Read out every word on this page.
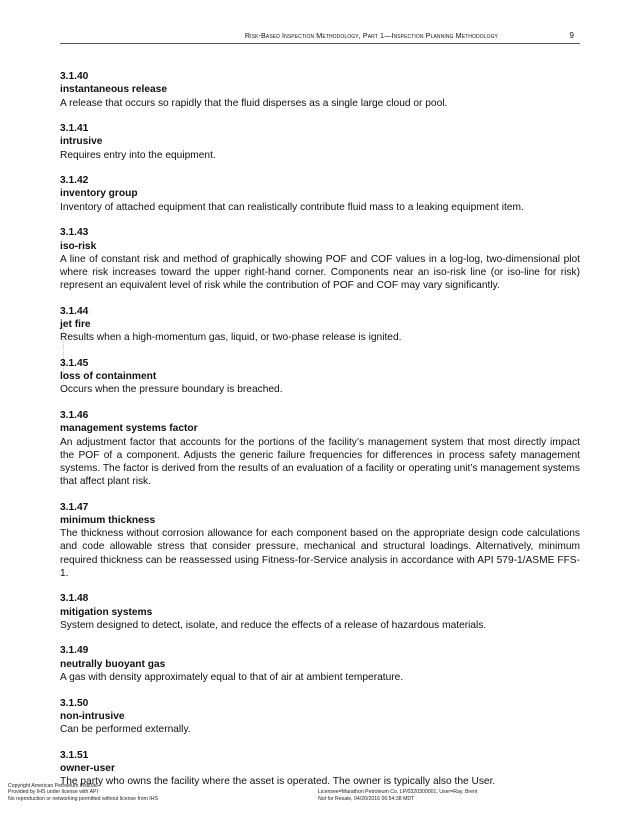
Risk-Based Inspection Methodology, Part 1—Inspection Planning Methodology	9
3.1.40
instantaneous release
A release that occurs so rapidly that the fluid disperses as a single large cloud or pool.
3.1.41
intrusive
Requires entry into the equipment.
3.1.42
inventory group
Inventory of attached equipment that can realistically contribute fluid mass to a leaking equipment item.
3.1.43
iso-risk
A line of constant risk and method of graphically showing POF and COF values in a log-log, two-dimensional plot where risk increases toward the upper right-hand corner. Components near an iso-risk line (or iso-line for risk) represent an equivalent level of risk while the contribution of POF and COF may vary significantly.
3.1.44
jet fire
Results when a high-momentum gas, liquid, or two-phase release is ignited.
3.1.45
loss of containment
Occurs when the pressure boundary is breached.
3.1.46
management systems factor
An adjustment factor that accounts for the portions of the facility’s management system that most directly impact the POF of a component. Adjusts the generic failure frequencies for differences in process safety management systems. The factor is derived from the results of an evaluation of a facility or operating unit’s management systems that affect plant risk.
3.1.47
minimum thickness
The thickness without corrosion allowance for each component based on the appropriate design code calculations and code allowable stress that consider pressure, mechanical and structural loadings. Alternatively, minimum required thickness can be reassessed using Fitness-for-Service analysis in accordance with API 579-1/ASME FFS-1.
3.1.48
mitigation systems
System designed to detect, isolate, and reduce the effects of a release of hazardous materials.
3.1.49
neutrally buoyant gas
A gas with density approximately equal to that of air at ambient temperature.
3.1.50
non-intrusive
Can be performed externally.
3.1.51
owner-user
The party who owns the facility where the asset is operated. The owner is typically also the User.
Copyright American Petroleum Institute
Provided by IHS under license with API
No reproduction or networking permitted without license from IHS

Licensee=Marathon Petroleum Co. LP/0320300001, User=Ray, Brent
Not for Resale, 04/20/2016 06:54:38 MDT
